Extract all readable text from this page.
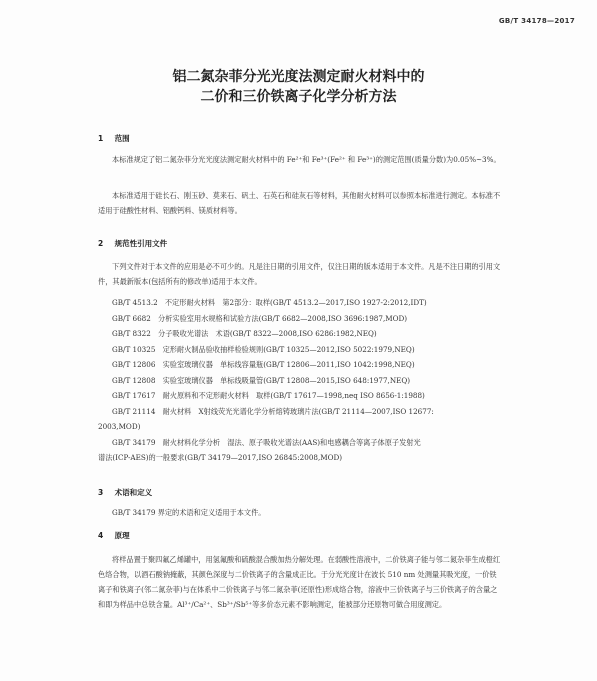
GB/T 34178—2017
铝二氮杂菲分光光度法测定耐火材料中的
二价和三价铁离子化学分析方法
1 范围
本标准规定了铝二氮杂菲分光光度法测定耐火材料中的 Fe²⁺和 Fe³⁺(Fe²⁺ 和 Fe³⁺)的测定范围(质量分数)为0.05%~3%。
本标准适用于硅长石、刚玉砂、莫来石、矾土、石英石和硅灰石等材料，其他耐火材料可以参照本标准进行测定。本标准不适用于硅酸性材料、铝酸钙料、镁质材料等。
2 规范性引用文件
下列文件对于本文件的应用是必不可少的。凡是注日期的引用文件，仅注日期的版本适用于本文件。凡是不注日期的引用文件，其最新版本(包括所有的修改单)适用于本文件。
GB/T 4513.2　不定形耐火材料　第2部分：取样(GB/T 4513.2—2017,ISO 1927-2:2012,IDT)
GB/T 6682　分析实验室用水规格和试验方法(GB/T 6682—2008,ISO 3696:1987,MOD)
GB/T 8322　分子吸收光谱法　术语(GB/T 8322—2008,ISO 6286:1982,NEQ)
GB/T 10325　定形耐火制品验收抽样检验规则(GB/T 10325—2012,ISO 5022:1979,NEQ)
GB/T 12806　实验室玻璃仪器　单标线容量瓶(GB/T 12806—2011,ISO 1042:1998,NEQ)
GB/T 12808　实验室玻璃仪器　单标线吸量管(GB/T 12808—2015,ISO 648:1977,NEQ)
GB/T 17617　耐火原料和不定形耐火材料　取样(GB/T 17617—1998,neq ISO 8656-1:1988)
GB/T 21114　耐火材料　X射线荧光光谱化学分析熔铸玻璃片法(GB/T 21114—2007,ISO 12677:
2003,MOD)
GB/T 34179　耐火材料化学分析　湿法、原子吸收光谱法(AAS)和电感耦合等离子体原子发射光
谱法(ICP-AES)的一般要求(GB/T 34179—2017,ISO 26845:2008,MOD)
3 术语和定义
GB/T 34179 界定的术语和定义适用于本文件。
4 原理
将样品置于聚四氟乙烯罐中，用氢氟酸和硫酸混合酸加热分解处理。在弱酸性溶液中，二价铁离子能与邻二氮杂菲生成橙红色络合物，以酒石酸钠掩蔽，其颜色深度与二价铁离子的含量成正比。于分光光度计在波长 510 nm 处测量其吸光度，一价铁离子和铁离子(邻二氮杂菲)与在体系中二价铁离子与邻二氮杂菲(还原性)形成络合物，溶液中三价铁离子与三价铁离子的含量之和即为样品中总铁含量。Al³⁺/Ca²⁺、Sb³⁺/Sb⁵⁺等多价态元素不影响测定，能被部分还原物可做合用度测定。
